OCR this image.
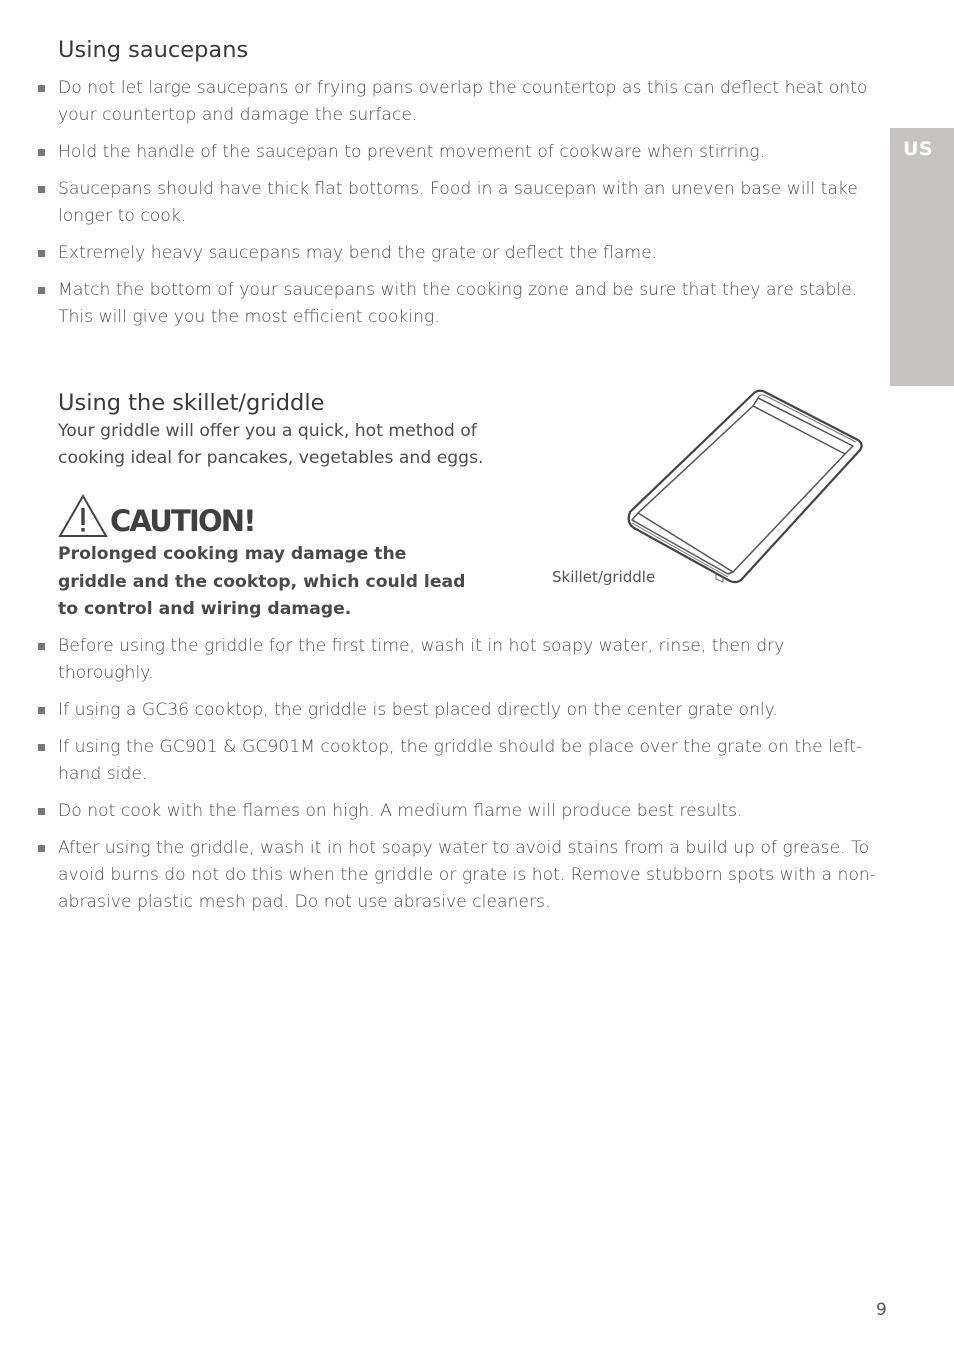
US
Using saucepans
Do not let large saucepans or frying pans overlap the countertop as this can deflect heat onto your countertop and damage the surface.
Hold the handle of the saucepan to prevent movement of cookware when stirring.
Saucepans should have thick flat bottoms. Food in a saucepan with an uneven base will take longer to cook.
Extremely heavy saucepans may bend the grate or deflect the flame.
Match the bottom of your saucepans with the cooking zone and be sure that they are stable. This will give you the most efficient cooking.
Using the skillet/griddle

Your griddle will offer you a quick, hot method of cooking ideal for pancakes, vegetables and eggs.

CAUTION!

Prolonged cooking may damage the griddle and the cooktop, which could lead to control and wiring damage.

Skillet/griddle
Before using the griddle for the first time, wash it in hot soapy water, rinse, then dry thoroughly.
If using a GC36 cooktop, the griddle is best placed directly on the center grate only.
If using the GC901 & GC901M cooktop, the griddle should be place over the grate on the left-hand side.
Do not cook with the flames on high. A medium flame will produce best results.
After using the griddle, wash it in hot soapy water to avoid stains from a build up of grease. To avoid burns do not do this when the griddle or grate is hot. Remove stubborn spots with a non-abrasive plastic mesh pad. Do not use abrasive cleaners.
9
